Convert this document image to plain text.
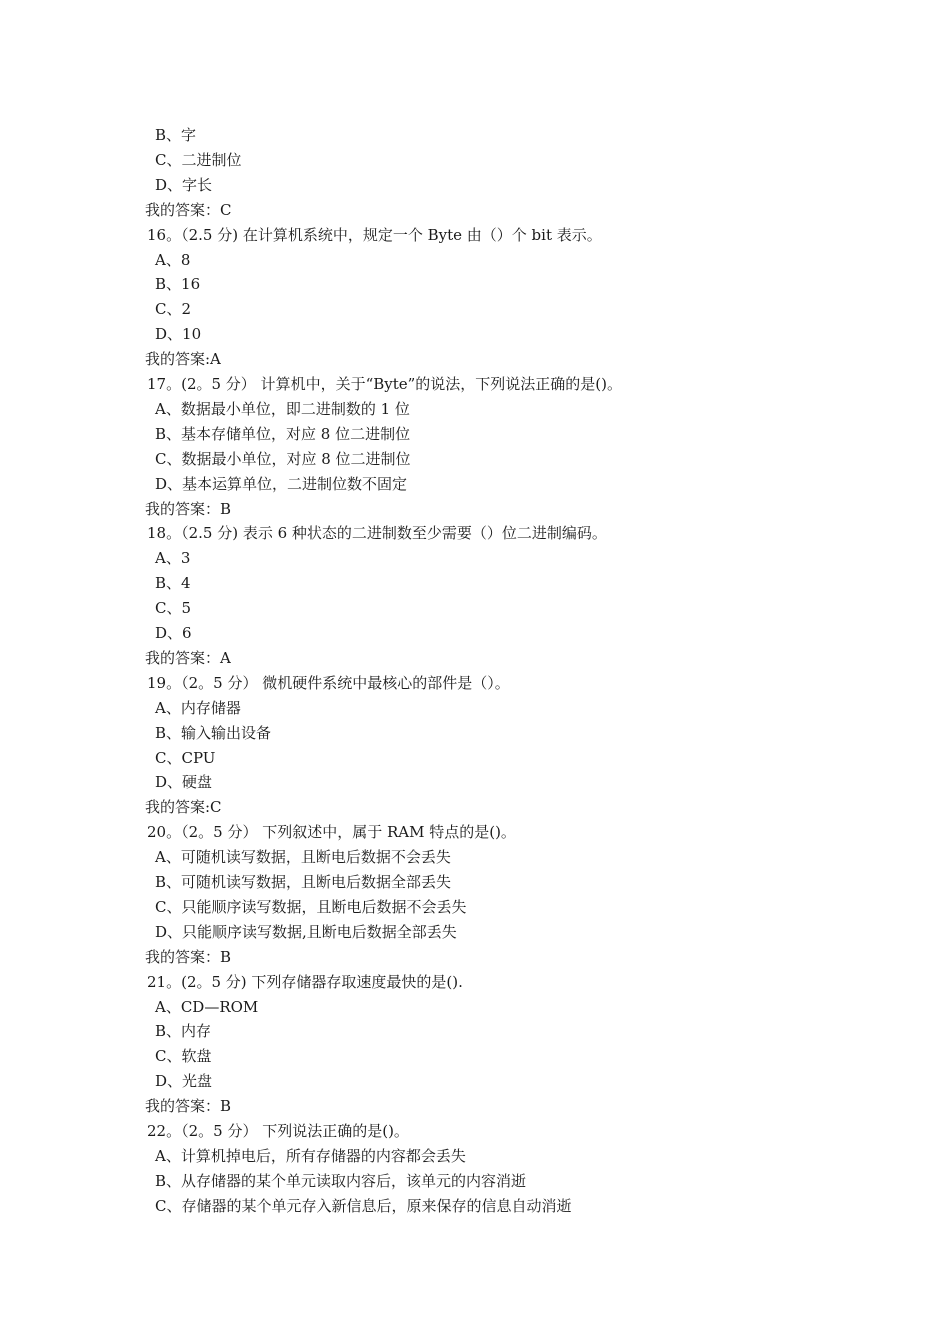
B、字
C、二进制位
D、字长
我的答案：C
16。（2.5 分) 在计算机系统中，规定一个 Byte 由（）个 bit 表示。
A、8
B、16
C、2
D、10
我的答案:A
17。(2。5 分） 计算机中，关于“Byte”的说法，下列说法正确的是()。
A、数据最小单位，即二进制数的 1 位
B、基本存储单位，对应 8 位二进制位
C、数据最小单位，对应 8 位二进制位
D、基本运算单位，二进制位数不固定
我的答案：B
18。（2.5 分) 表示 6 种状态的二进制数至少需要（）位二进制编码。
A、3
B、4
C、5
D、6
我的答案：A
19。（2。5 分） 微机硬件系统中最核心的部件是（）。
A、内存储器
B、输入输出设备
C、CPU
D、硬盘
我的答案:C
20。（2。5 分） 下列叙述中，属于 RAM 特点的是()。
A、可随机读写数据，且断电后数据不会丢失
B、可随机读写数据，且断电后数据全部丢失
C、只能顺序读写数据，且断电后数据不会丢失
D、只能顺序读写数据,且断电后数据全部丢失
我的答案：B
21。(2。5 分) 下列存储器存取速度最快的是().
A、CD—ROM
B、内存
C、软盘
D、光盘
我的答案：B
22。（2。5 分） 下列说法正确的是()。
A、计算机掉电后，所有存储器的内容都会丢失
B、从存储器的某个单元读取内容后，该单元的内容消逝
C、存储器的某个单元存入新信息后，原来保存的信息自动消逝
